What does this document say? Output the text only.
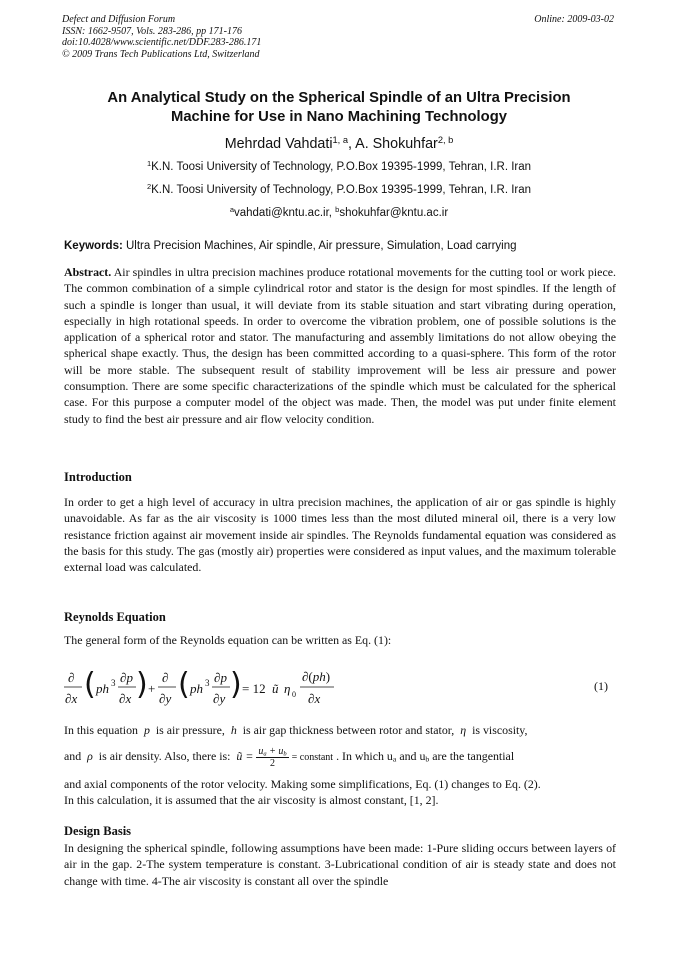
Defect and Diffusion Forum
ISSN: 1662-9507, Vols. 283-286, pp 171-176
doi:10.4028/www.scientific.net/DDF.283-286.171
© 2009 Trans Tech Publications Ltd, Switzerland
Online: 2009-03-02
An Analytical Study on the Spherical Spindle of an Ultra Precision
Machine for Use in Nano Machining Technology
Mehrdad Vahdati$^{1, a}$, A. Shokuhfar$^{2, b}$
$^1$K.N. Toosi University of Technology, P.O.Box 19395-1999, Tehran, I.R. Iran
$^2$K.N. Toosi University of Technology, P.O.Box 19395-1999, Tehran, I.R. Iran
$^a$vahdati@kntu.ac.ir, $^b$shokuhfar@kntu.ac.ir
Keywords: Ultra Precision Machines, Air spindle, Air pressure, Simulation, Load carrying
Abstract. Air spindles in ultra precision machines produce rotational movements for the cutting tool or work piece. The common combination of a simple cylindrical rotor and stator is the design for most spindles. If the length of such a spindle is longer than usual, it will deviate from its stable situation and start vibrating during operation, especially in high rotational speeds. In order to overcome the vibration problem, one of possible solutions is the application of a spherical rotor and stator. The manufacturing and assembly limitations do not allow obeying the spherical shape exactly. Thus, the design has been committed according to a quasi-sphere. This form of the rotor will be more stable. The subsequent result of stability improvement will be less air pressure and power consumption. There are some specific characterizations of the spindle which must be calculated for the spherical case. For this purpose a computer model of the object was made. Then, the model was put under finite element study to find the best air pressure and air flow velocity condition.
Introduction
In order to get a high level of accuracy in ultra precision machines, the application of air or gas spindle is highly unavoidable. As far as the air viscosity is 1000 times less than the most diluted mineral oil, there is a very low resistance friction against air movement inside air spindles. The Reynolds fundamental equation was considered as the basis for this study. The gas (mostly air) properties were considered as input values, and the maximum tolerable external load was calculated.
Reynolds Equation
The general form of the Reynolds equation can be written as Eq. (1):
∂
∂x ( ph 3 ∂p
∂x ) +
∂
∂y ( ph 3 ∂p
∂y ) = 12 ũ η 0
∂(ph)
∂x
(1)
In this equation  p  is air pressure,  h  is air gap thickness between rotor and stator,  η  is viscosity,
and  ρ  is air density. Also, there is:  ũ = $\frac{u_a + u_b}{2}$ = constant . In which $u_a$ and $u_b$ are the tangential
and axial components of the rotor velocity. Making some simplifications, Eq. (1) changes to Eq. (2).
In this calculation, it is assumed that the air viscosity is almost constant, [1, 2].
Design Basis
In designing the spherical spindle, following assumptions have been made: 1-Pure sliding occurs between layers of air in the gap. 2-The system temperature is constant. 3-Lubricational condition of air is steady state and does not change with time. 4-The air viscosity is constant all over the spindle
